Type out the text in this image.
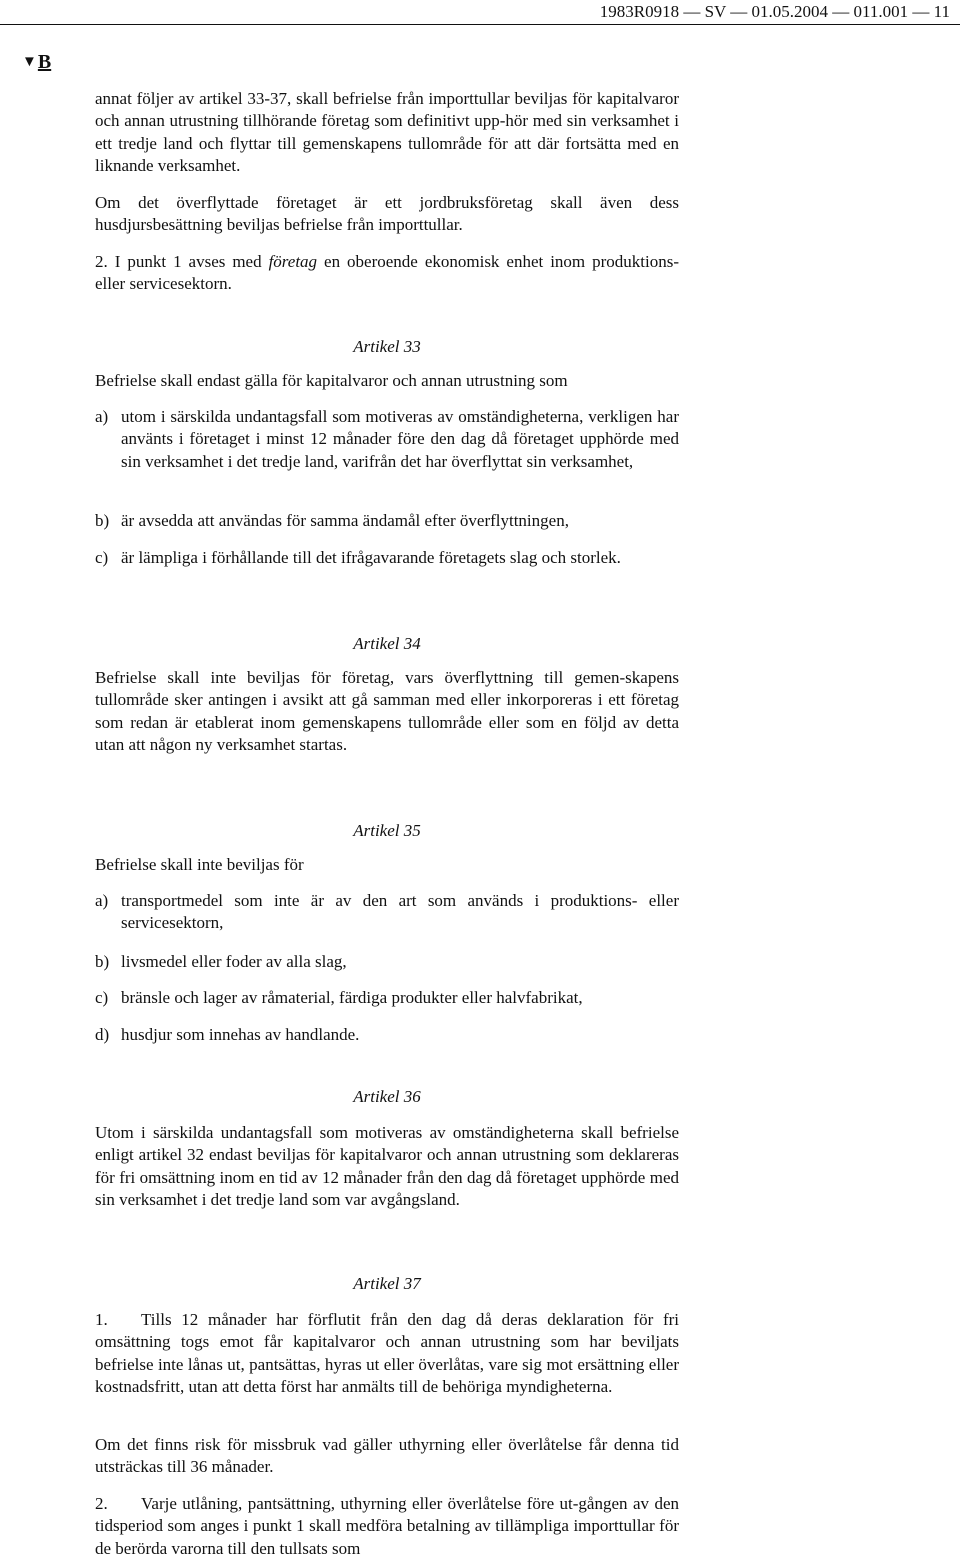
1983R0918 — SV — 01.05.2004 — 011.001 — 11
▼B

annat följer av artikel 33-37, skall befrielse från importtullar beviljas för kapitalvaror och annan utrustning tillhörande företag som definitivt upp-hör med sin verksamhet i ett tredje land och flyttar till gemenskapens tullområde för att där fortsätta med en liknande verksamhet.

Om det överflyttade företaget är ett jordbruksföretag skall även dess husdjursbesättning beviljas befrielse från importtullar.

2. I punkt 1 avses med företag en oberoende ekonomisk enhet inom produktions- eller servicesektorn.

Artikel 33

Befrielse skall endast gälla för kapitalvaror och annan utrustning som

a) utom i särskilda undantagsfall som motiveras av omständigheterna, verkligen har använts i företaget i minst 12 månader före den dag då företaget upphörde med sin verksamhet i det tredje land, varifrån det har överflyttat sin verksamhet,
b) är avsedda att användas för samma ändamål efter överflyttningen,
c) är lämpliga i förhållande till det ifrågavarande företagets slag och storlek.
Artikel 34

Befrielse skall inte beviljas för företag, vars överflyttning till gemen-skapens tullområde sker antingen i avsikt att gå samman med eller inkorporeras i ett företag som redan är etablerat inom gemenskapens tullområde eller som en följd av detta utan att någon ny verksamhet startas.

Artikel 35

Befrielse skall inte beviljas för

a) transportmedel som inte är av den art som används i produktions- eller servicesektorn,
b) livsmedel eller foder av alla slag,
c) bränsle och lager av råmaterial, färdiga produkter eller halvfabrikat,
d) husdjur som innehas av handlande.
Artikel 36

Utom i särskilda undantagsfall som motiveras av omständigheterna skall befrielse enligt artikel 32 endast beviljas för kapitalvaror och annan utrustning som deklareras för fri omsättning inom en tid av 12 månader från den dag då företaget upphörde med sin verksamhet i det tredje land som var avgångsland.

Artikel 37

1. Tills 12 månader har förflutit från den dag då deras deklaration för fri omsättning togs emot får kapitalvaror och annan utrustning som har beviljats befrielse inte lånas ut, pantsättas, hyras ut eller överlåtas, vare sig mot ersättning eller kostnadsfritt, utan att detta först har anmälts till de behöriga myndigheterna.

Om det finns risk för missbruk vad gäller uthyrning eller överlåtelse får denna tid utsträckas till 36 månader.

2. Varje utlåning, pantsättning, uthyrning eller överlåtelse före ut-gången av den tidsperiod som anges i punkt 1 skall medföra betalning av tillämpliga importtullar för de berörda varorna till den tullsats som
